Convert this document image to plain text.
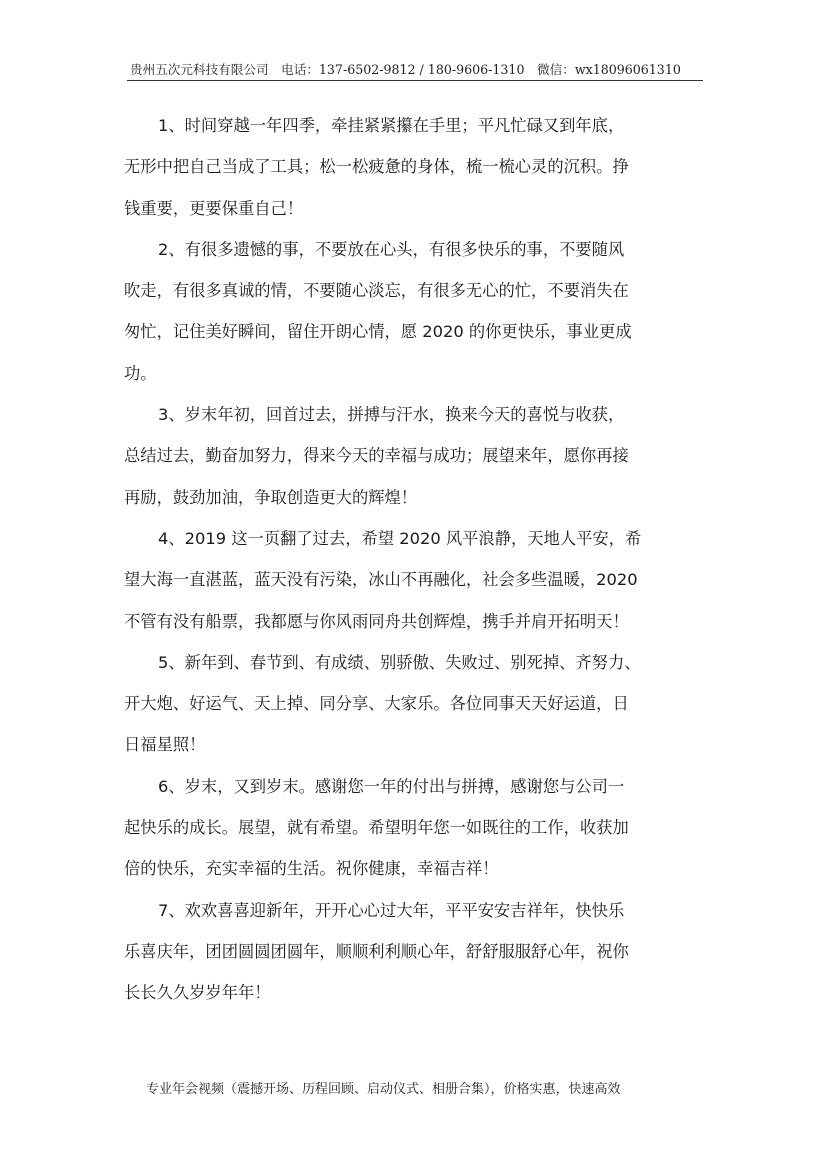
贵州五次元科技有限公司　电话：137-6502-9812 / 180-9606-1310　微信：wx18096061310

1、时间穿越一年四季，牵挂紧紧攥在手里；平凡忙碌又到年底，
无形中把自己当成了工具；松一松疲惫的身体，梳一梳心灵的沉积。挣
钱重要，更要保重自己！

2、有很多遗憾的事，不要放在心头，有很多快乐的事，不要随风
吹走，有很多真诚的情，不要随心淡忘，有很多无心的忙，不要消失在
匆忙，记住美好瞬间，留住开朗心情，愿 2020 的你更快乐，事业更成
功。

3、岁末年初，回首过去，拼搏与汗水，换来今天的喜悦与收获，
总结过去，勤奋加努力，得来今天的幸福与成功；展望来年，愿你再接
再励，鼓劲加油，争取创造更大的辉煌！

4、2019 这一页翻了过去，希望 2020 风平浪静，天地人平安，希
望大海一直湛蓝，蓝天没有污染，冰山不再融化，社会多些温暖，2020
不管有没有船票，我都愿与你风雨同舟共创辉煌，携手并肩开拓明天！

5、新年到、春节到、有成绩、别骄傲、失败过、别死掉、齐努力、
开大炮、好运气、天上掉、同分享、大家乐。各位同事天天好运道，日
日福星照！

6、岁末，又到岁末。感谢您一年的付出与拼搏，感谢您与公司一
起快乐的成长。展望，就有希望。希望明年您一如既往的工作，收获加
倍的快乐，充实幸福的生活。祝你健康，幸福吉祥！

7、欢欢喜喜迎新年，开开心心过大年，平平安安吉祥年，快快乐
乐喜庆年，团团圆圆团圆年，顺顺利利顺心年，舒舒服服舒心年，祝你
长长久久岁岁年年！

专业年会视频（震撼开场、历程回顾、启动仪式、相册合集），价格实惠，快速高效
